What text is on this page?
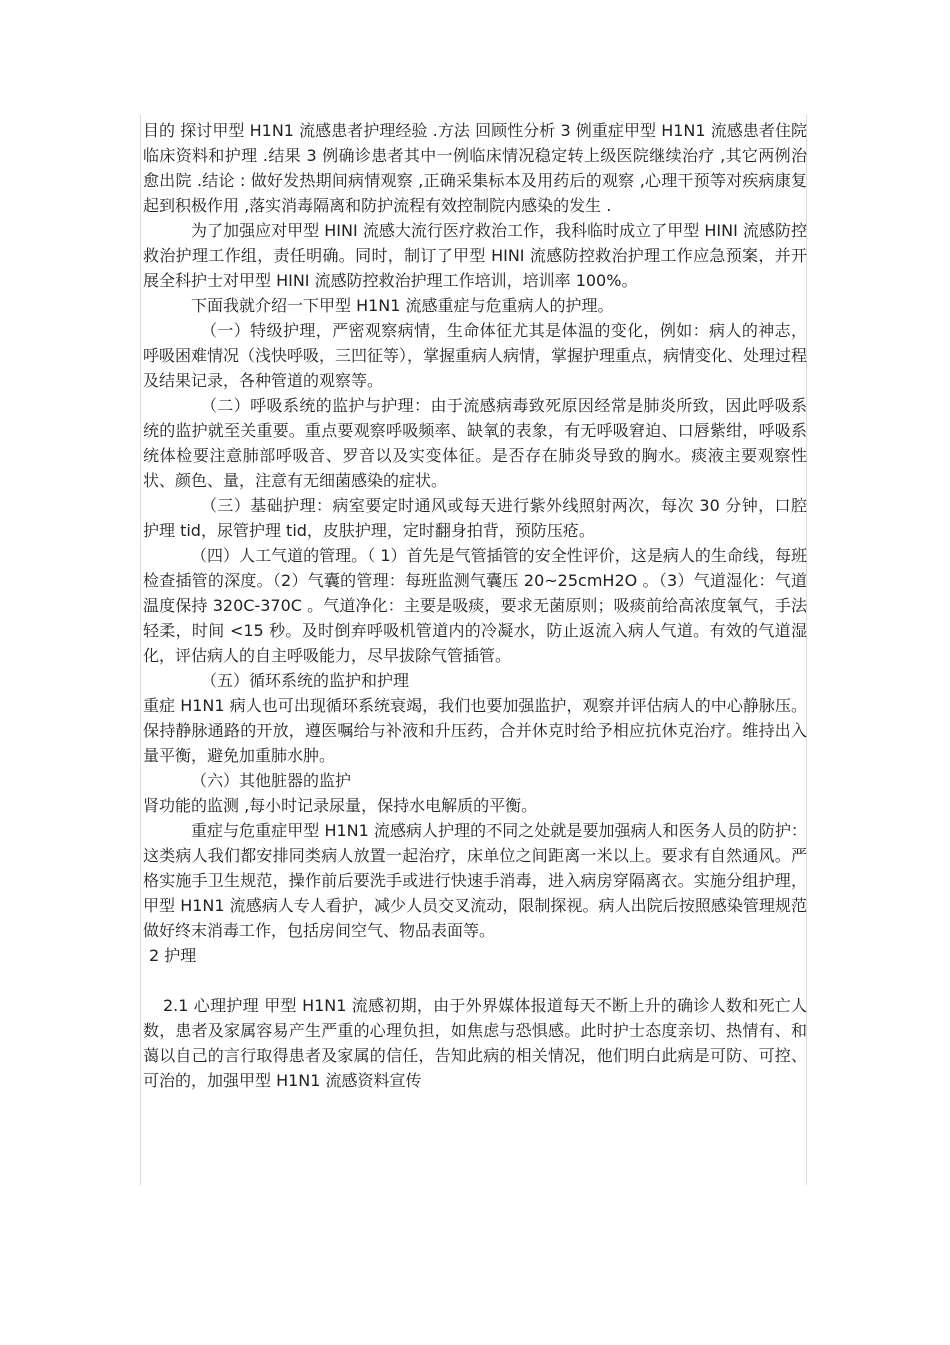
目的 探讨甲型 H1N1 流感患者护理经验 .方法 回顾性分析 3 例重症甲型 H1N1 流感患者住院临床资料和护理 .结果 3 例确诊患者其中一例临床情况稳定转上级医院继续治疗 ,其它两例治愈出院 .结论 : 做好发热期间病情观察 ,正确采集标本及用药后的观察 ,心理干预等对疾病康复起到积极作用 ,落实消毒隔离和防护流程有效控制院内感染的发生 .

为了加强应对甲型 HINI 流感大流行医疗救治工作，我科临时成立了甲型 HINI 流感防控救治护理工作组，责任明确。同时，制订了甲型 HINI 流感防控救治护理工作应急预案，并开展全科护士对甲型 HINI 流感防控救治护理工作培训，培训率 100%。

下面我就介绍一下甲型 H1N1 流感重症与危重病人的护理。

（一）特级护理，严密观察病情，生命体征尤其是体温的变化，例如：病人的神志，呼吸困难情况（浅快呼吸，三凹征等），掌握重病人病情，掌握护理重点，病情变化、处理过程及结果记录，各种管道的观察等。

（二）呼吸系统的监护与护理：由于流感病毒致死原因经常是肺炎所致，因此呼吸系统的监护就至关重要。重点要观察呼吸频率、缺氧的表象，有无呼吸窘迫、口唇紫绀，呼吸系统体检要注意肺部呼吸音、罗音以及实变体征。是否存在肺炎导致的胸水。痰液主要观察性状、颜色、量，注意有无细菌感染的症状。

（三）基础护理：病室要定时通风或每天进行紫外线照射两次，每次 30 分钟，口腔护理 tid，尿管护理 tid，皮肤护理，定时翻身拍背，预防压疮。

（四）人工气道的管理。（ 1）首先是气管插管的安全性评价，这是病人的生命线，每班检查插管的深度。（2）气囊的管理：每班监测气囊压 20~25cmH2O 。（3）气道湿化：气道温度保持 320C-370C 。气道净化：主要是吸痰，要求无菌原则；吸痰前给高浓度氧气，手法轻柔，时间 <15 秒。及时倒弃呼吸机管道内的冷凝水，防止返流入病人气道。有效的气道湿化，评估病人的自主呼吸能力，尽早拔除气管插管。

（五）循环系统的监护和护理

重症 H1N1 病人也可出现循环系统衰竭，我们也要加强监护，观察并评估病人的中心静脉压。保持静脉通路的开放，遵医嘱给与补液和升压药，合并休克时给予相应抗休克治疗。维持出入量平衡，避免加重肺水肿。

（六）其他脏器的监护

肾功能的监测 ,每小时记录尿量，保持水电解质的平衡。

重症与危重症甲型 H1N1 流感病人护理的不同之处就是要加强病人和医务人员的防护：这类病人我们都安排同类病人放置一起治疗，床单位之间距离一米以上。要求有自然通风。严格实施手卫生规范，操作前后要洗手或进行快速手消毒，进入病房穿隔离衣。实施分组护理，甲型 H1N1 流感病人专人看护，减少人员交叉流动，限制探视。病人出院后按照感染管理规范做好终末消毒工作，包括房间空气、物品表面等。

2 护理

2.1 心理护理 甲型 H1N1 流感初期，由于外界媒体报道每天不断上升的确诊人数和死亡人数，患者及家属容易产生严重的心理负担，如焦虑与恐惧感。此时护士态度亲切、热情有、和蔼以自己的言行取得患者及家属的信任，告知此病的相关情况，他们明白此病是可防、可控、可治的，加强甲型 H1N1 流感资料宣传
